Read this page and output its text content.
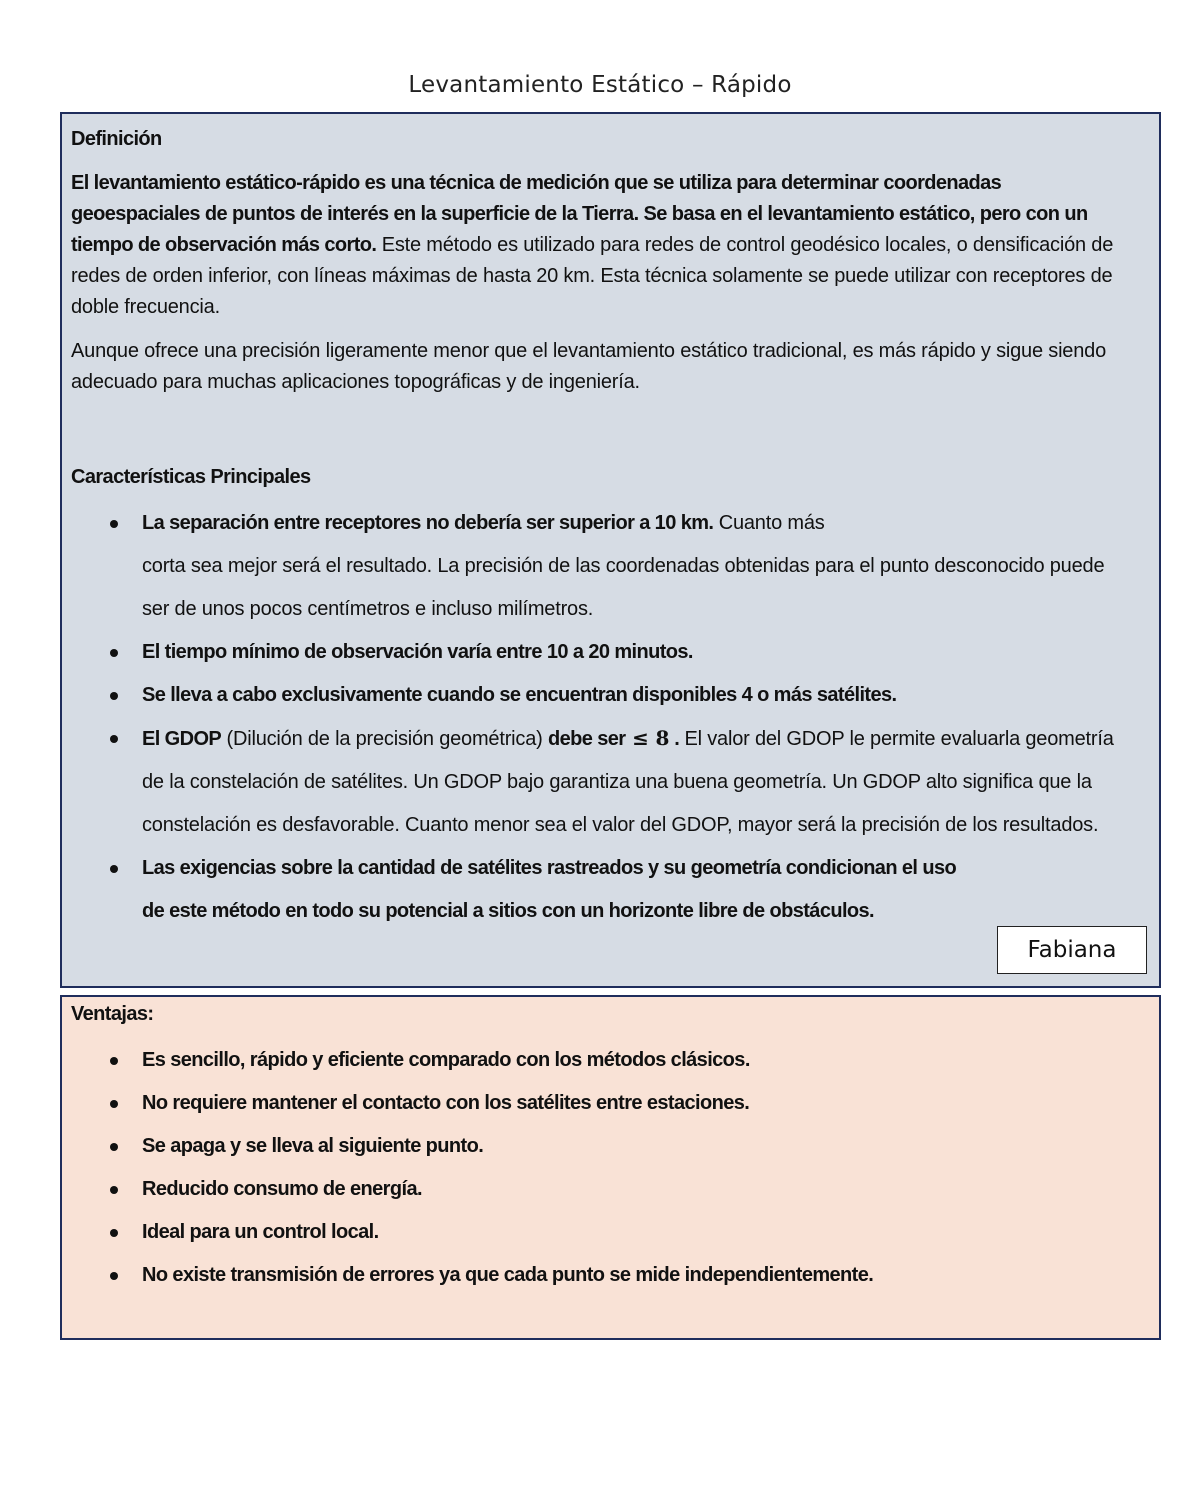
Levantamiento Estático – Rápido

Definición

El levantamiento estático-rápido es una técnica de medición que se utiliza para determinar coordenadas geoespaciales de puntos de interés en la superficie de la Tierra. Se basa en el levantamiento estático, pero con un tiempo de observación más corto. Este método es utilizado para redes de control geodésico locales, o densificación de redes de orden inferior, con líneas máximas de hasta 20 km. Esta técnica solamente se puede utilizar con receptores de doble frecuencia.

Aunque ofrece una precisión ligeramente menor que el levantamiento estático tradicional, es más rápido y sigue siendo adecuado para muchas aplicaciones topográficas y de ingeniería.

Características Principales

La separación entre receptores no debería ser superior a 10 km. Cuanto más
corta sea mejor será el resultado. La precisión de las coordenadas obtenidas para el punto desconocido puede ser de unos pocos centímetros e incluso milímetros.
El tiempo mínimo de observación varía entre 10 a 20 minutos.
Se lleva a cabo exclusivamente cuando se encuentran disponibles 4 o más satélites.
El GDOP (Dilución de la precisión geométrica) debe ser ≤ 8 . El valor del GDOP le permite evaluarla geometría de la constelación de satélites. Un GDOP bajo garantiza una buena geometría. Un GDOP alto significa que la constelación es desfavorable. Cuanto menor sea el valor del GDOP, mayor será la precisión de los resultados.
Las exigencias sobre la cantidad de satélites rastreados y su geometría condicionan el uso de este método en todo su potencial a sitios con un horizonte libre de obstáculos.
Fabiana

Ventajas:

Es sencillo, rápido y eficiente comparado con los métodos clásicos.
No requiere mantener el contacto con los satélites entre estaciones.
Se apaga y se lleva al siguiente punto.
Reducido consumo de energía.
Ideal para un control local.
No existe transmisión de errores ya que cada punto se mide independientemente.
